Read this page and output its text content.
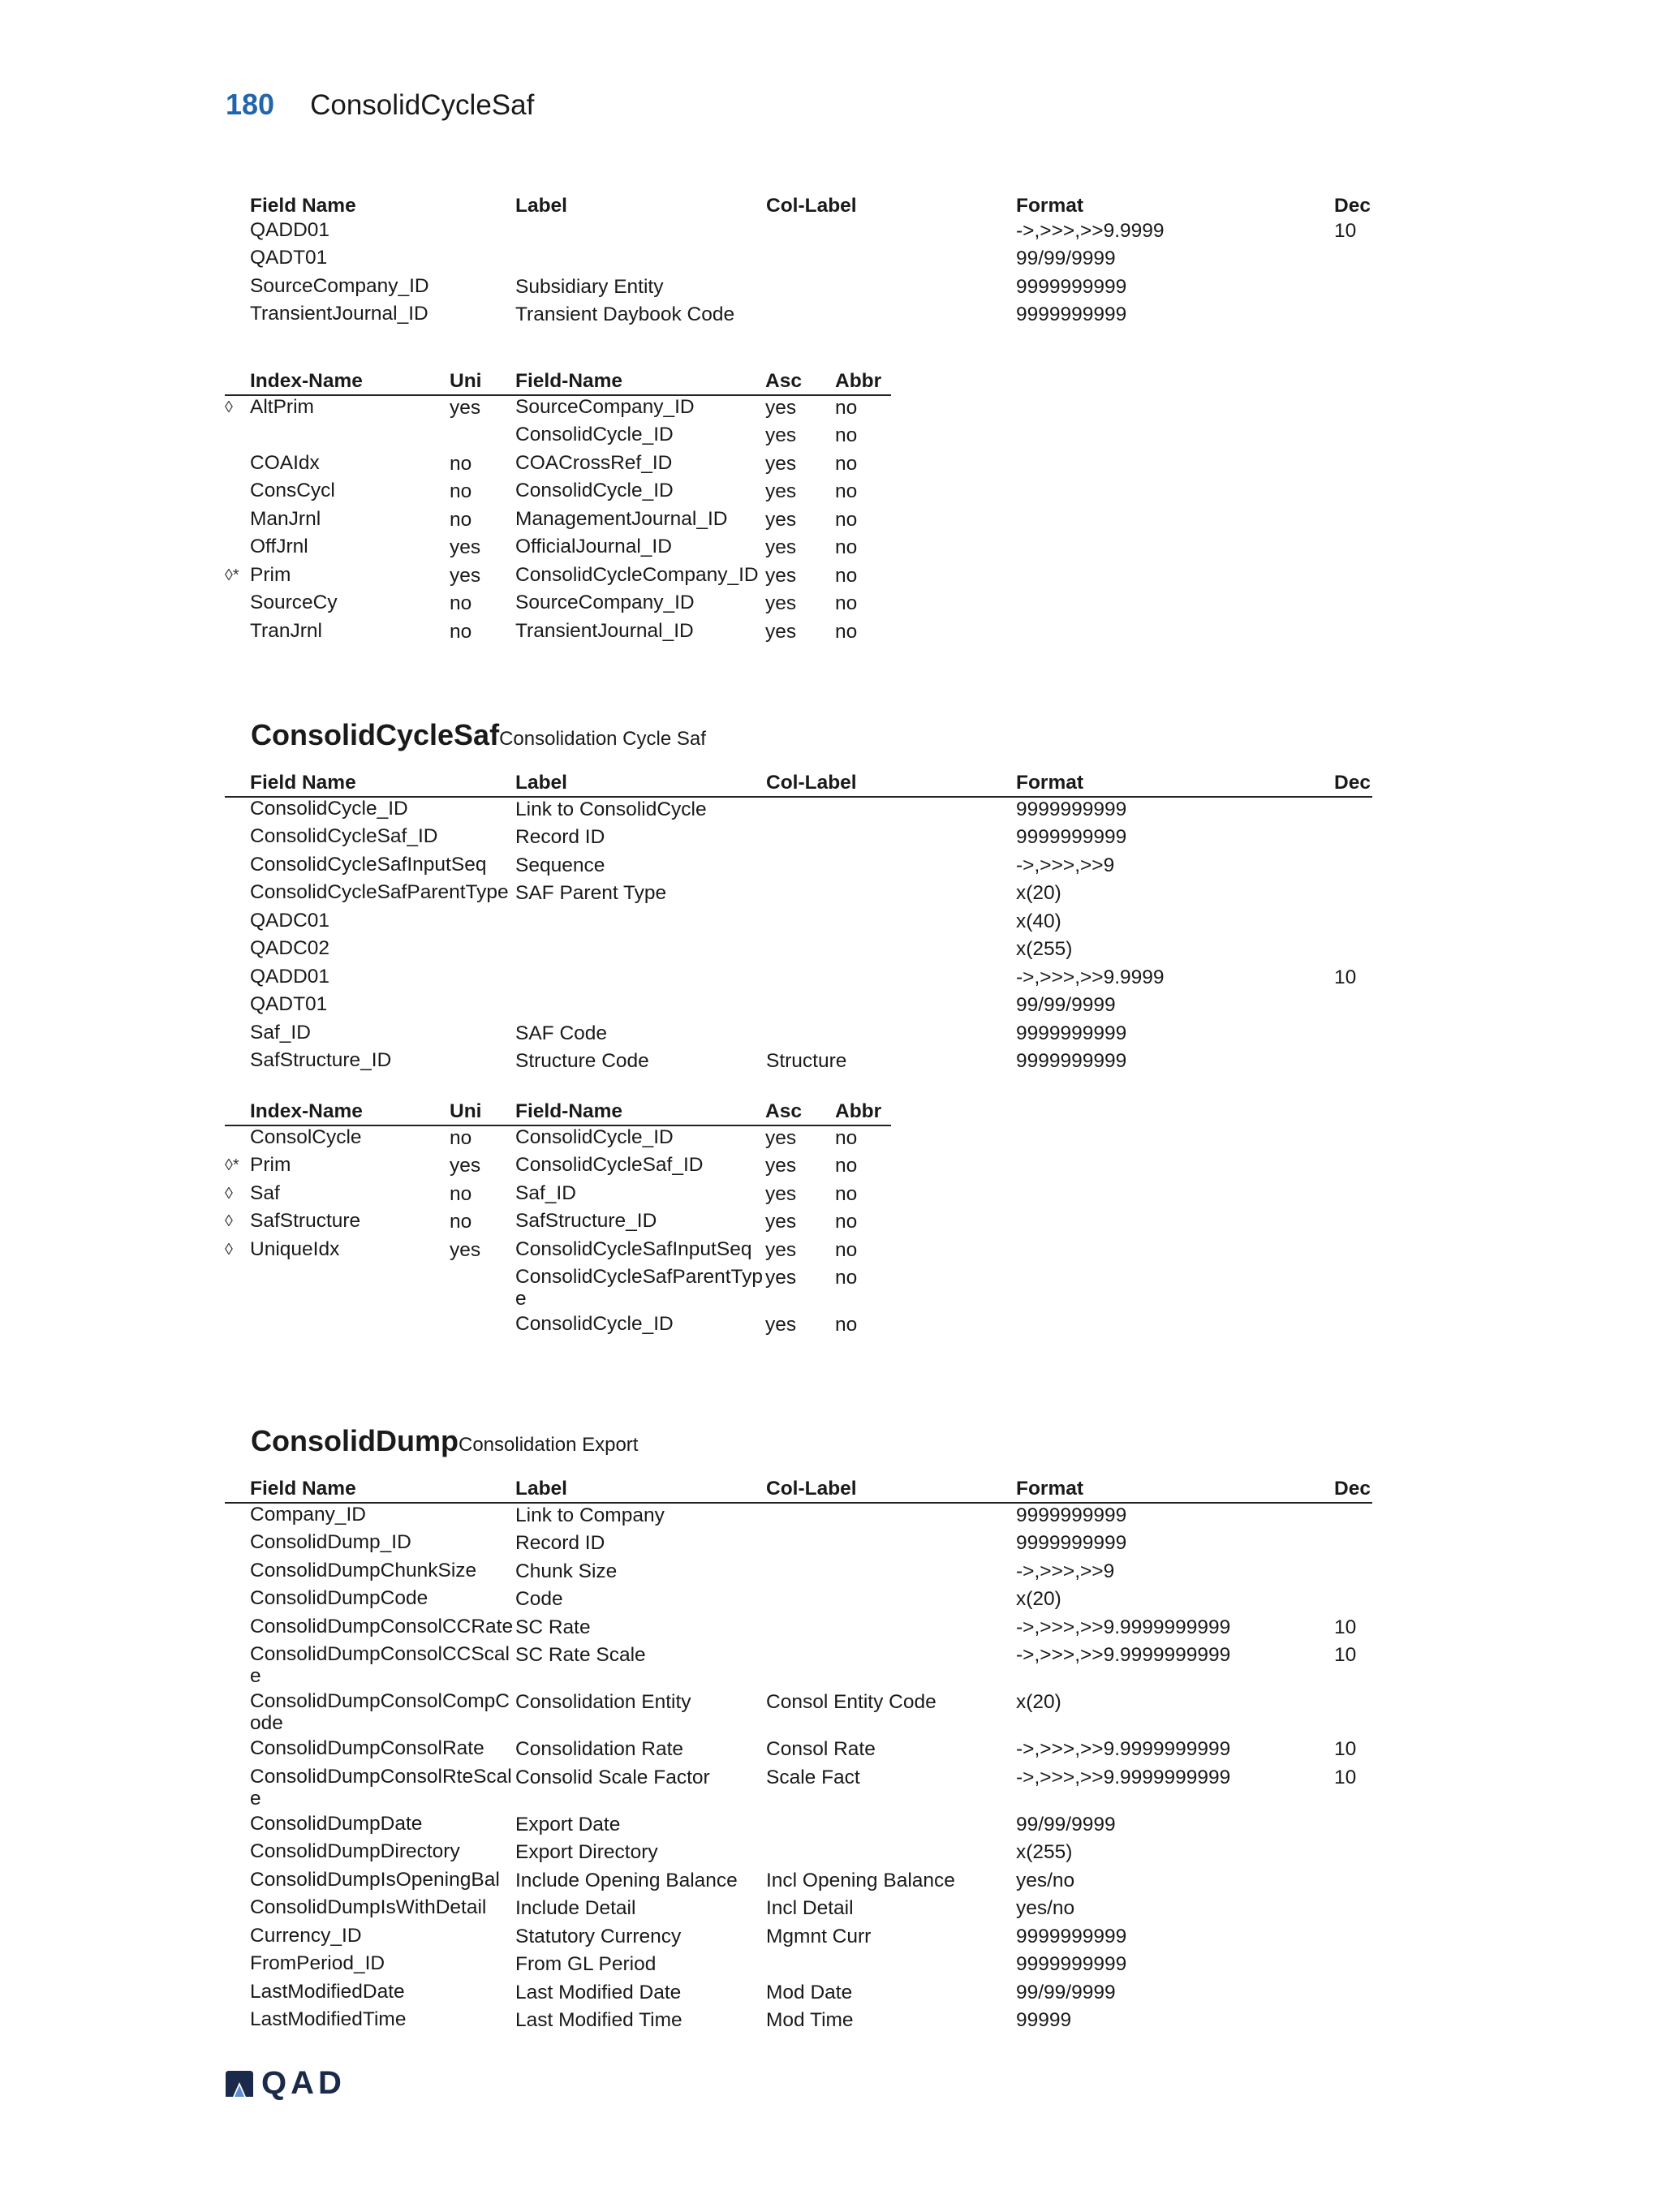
180 ConsolidCycleSaf
	Field Name	Label	Col-Label	Format	Dec
	QADD01			->,>>>,>>9.9999	10
	QADT01			99/99/9999	
	SourceCompany_ID	Subsidiary Entity		9999999999	
	TransientJournal_ID	Transient Daybook Code		9999999999	
	Index-Name	Uni	Field-Name	Asc	Abbr
◊	AltPrim	yes	SourceCompany_ID	yes	no
			ConsolidCycle_ID	yes	no
	COAIdx	no	COACrossRef_ID	yes	no
	ConsCycl	no	ConsolidCycle_ID	yes	no
	ManJrnl	no	ManagementJournal_ID	yes	no
	OffJrnl	yes	OfficialJournal_ID	yes	no
◊*	Prim	yes	ConsolidCycleCompany_ID	yes	no
	SourceCy	no	SourceCompany_ID	yes	no
	TranJrnl	no	TransientJournal_ID	yes	no
ConsolidCycleSafConsolidation Cycle Saf
	Field Name	Label	Col-Label	Format	Dec
	ConsolidCycle_ID	Link to ConsolidCycle		9999999999	
	ConsolidCycleSaf_ID	Record ID		9999999999	
	ConsolidCycleSafInputSeq	Sequence		->,>>>,>>9	
	ConsolidCycleSafParentType	SAF Parent Type		x(20)	
	QADC01			x(40)	
	QADC02			x(255)	
	QADD01			->,>>>,>>9.9999	10
	QADT01			99/99/9999	
	Saf_ID	SAF Code		9999999999	
	SafStructure_ID	Structure Code	Structure	9999999999	
	Index-Name	Uni	Field-Name	Asc	Abbr
	ConsolCycle	no	ConsolidCycle_ID	yes	no
◊*	Prim	yes	ConsolidCycleSaf_ID	yes	no
◊	Saf	no	Saf_ID	yes	no
◊	SafStructure	no	SafStructure_ID	yes	no
◊	UniqueIdx	yes	ConsolidCycleSafInputSeq	yes	no
			ConsolidCycleSafParentType	yes	no
			ConsolidCycle_ID	yes	no
ConsolidDumpConsolidation Export
	Field Name	Label	Col-Label	Format	Dec
	Company_ID	Link to Company		9999999999	
	ConsolidDump_ID	Record ID		9999999999	
	ConsolidDumpChunkSize	Chunk Size		->,>>>,>>9	
	ConsolidDumpCode	Code		x(20)	
	ConsolidDumpConsolCCRate	SC Rate		->,>>>,>>9.9999999999	10
	ConsolidDumpConsolCCScale	SC Rate Scale		->,>>>,>>9.9999999999	10
	ConsolidDumpConsolCompCode	Consolidation Entity	Consol Entity Code	x(20)	
	ConsolidDumpConsolRate	Consolidation Rate	Consol Rate	->,>>>,>>9.9999999999	10
	ConsolidDumpConsolRteScale	Consolid Scale Factor	Scale Fact	->,>>>,>>9.9999999999	10
	ConsolidDumpDate	Export Date		99/99/9999	
	ConsolidDumpDirectory	Export Directory		x(255)	
	ConsolidDumpIsOpeningBal	Include Opening Balance	Incl Opening Balance	yes/no	
	ConsolidDumpIsWithDetail	Include Detail	Incl Detail	yes/no	
	Currency_ID	Statutory Currency	Mgmnt Curr	9999999999	
	FromPeriod_ID	From GL Period		9999999999	
	LastModifiedDate	Last Modified Date	Mod Date	99/99/9999	
	LastModifiedTime	Last Modified Time	Mod Time	99999	
QAD
